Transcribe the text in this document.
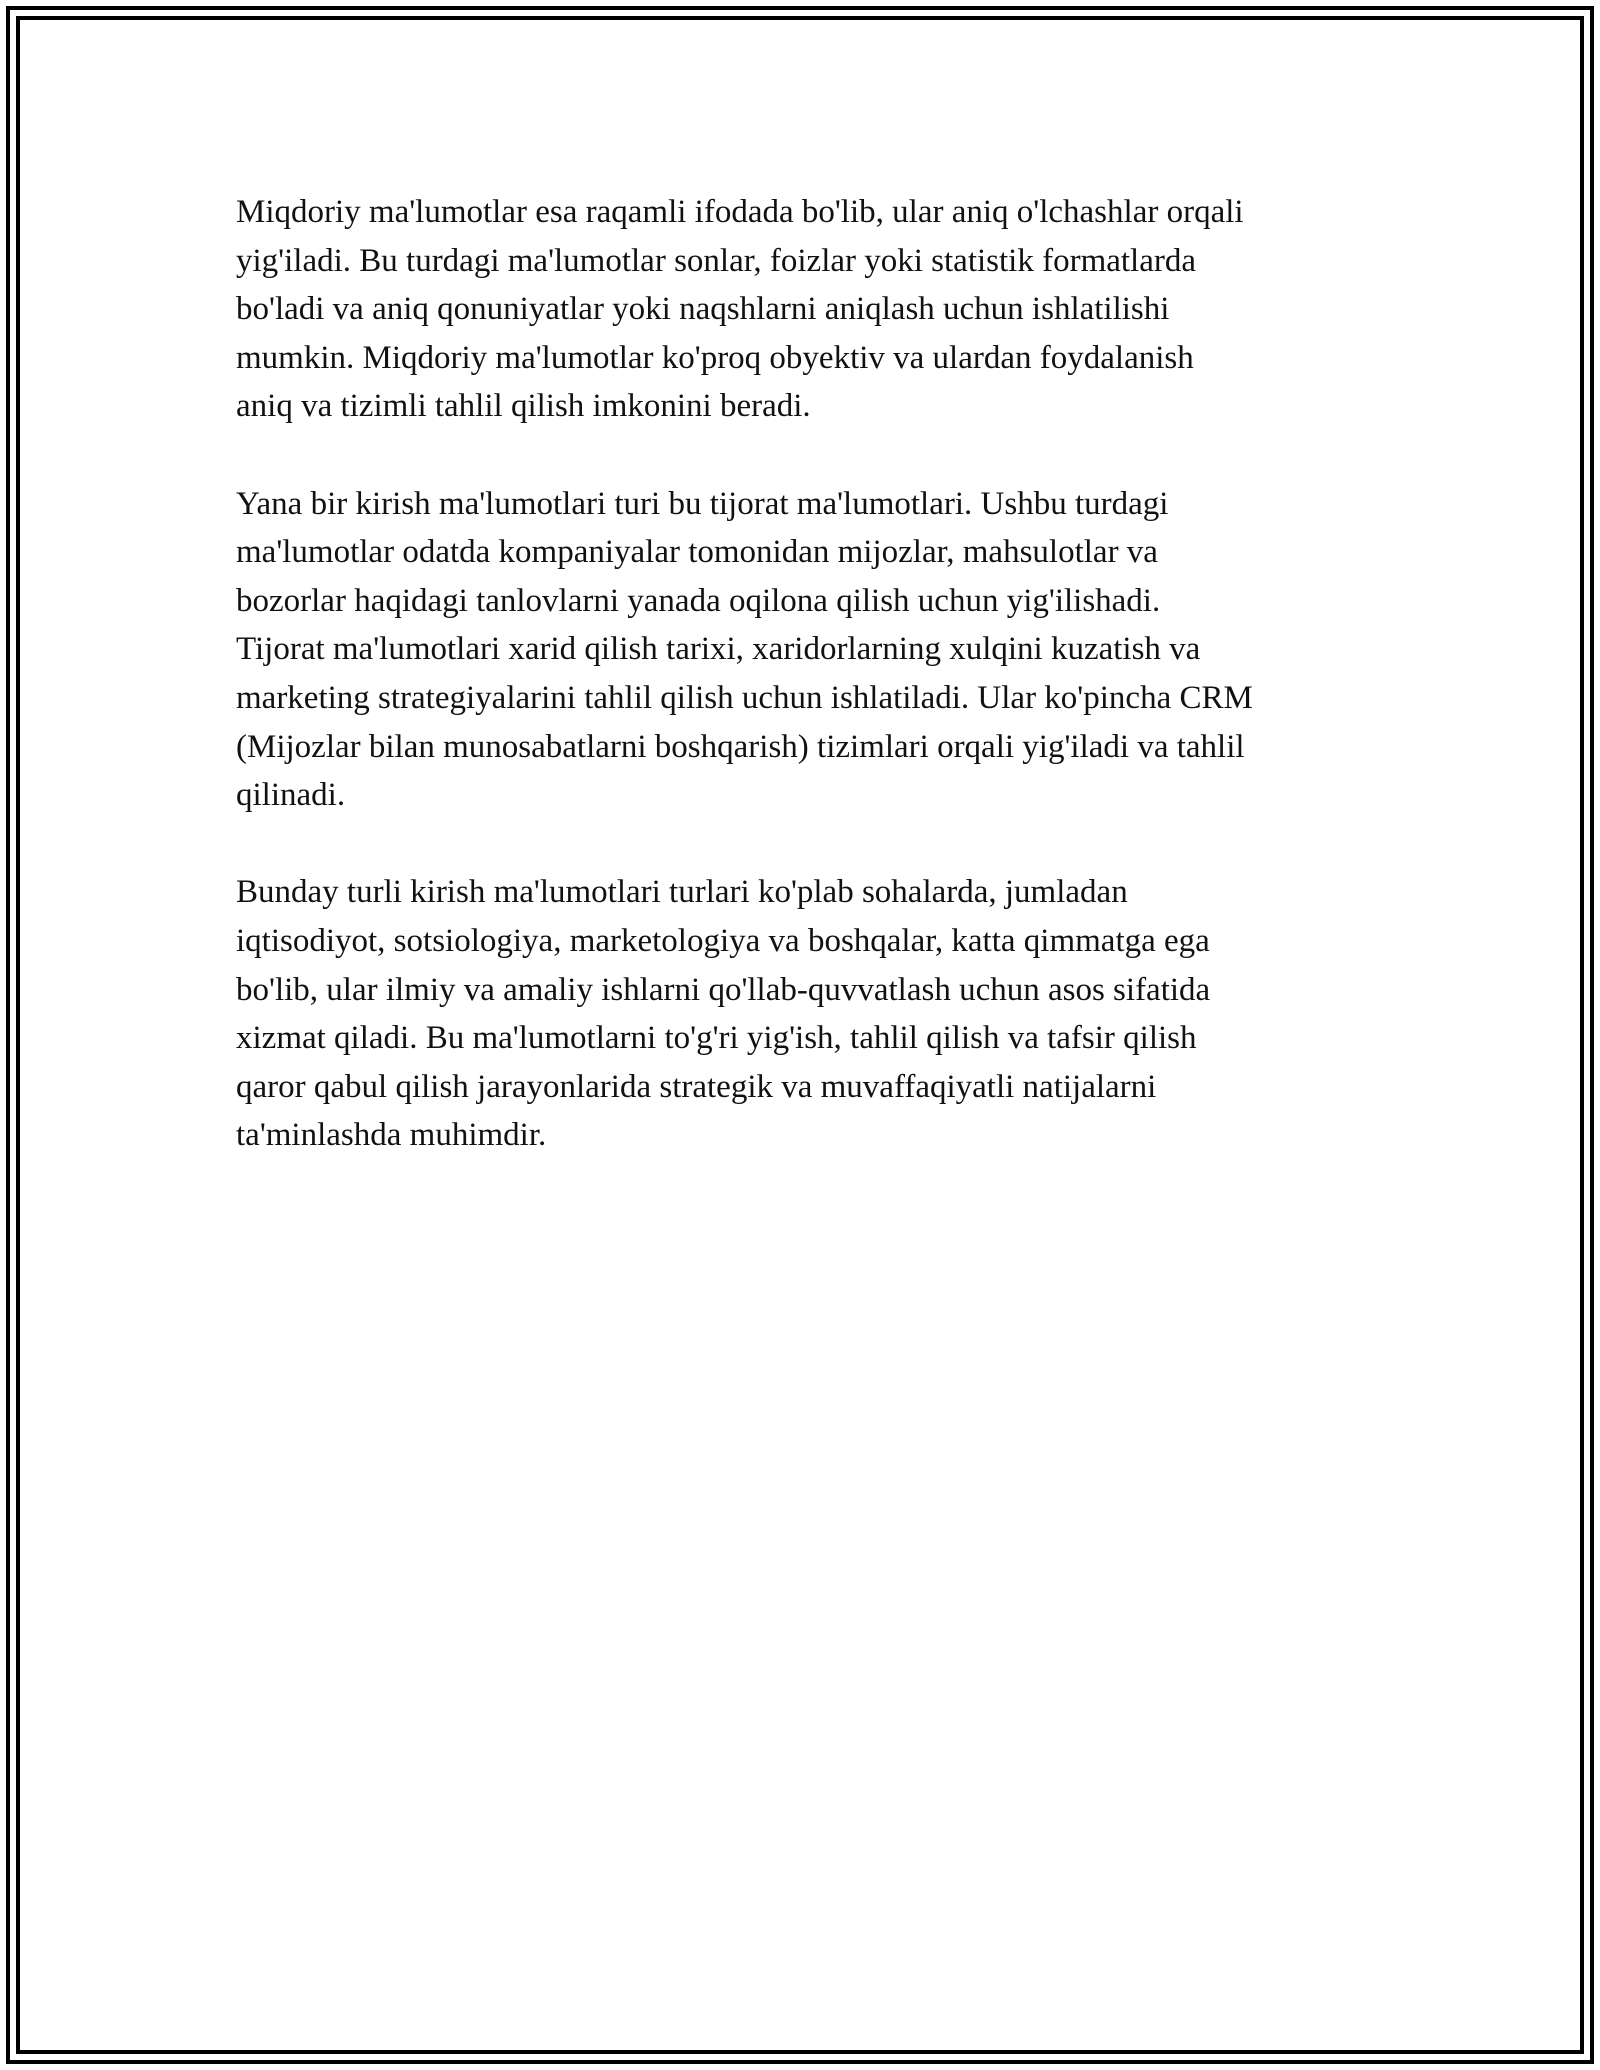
Miqdoriy ma'lumotlar esa raqamli ifodada bo'lib, ular aniq o'lchashlar orqali
yig'iladi. Bu turdagi ma'lumotlar sonlar, foizlar yoki statistik formatlarda
bo'ladi va aniq qonuniyatlar yoki naqshlarni aniqlash uchun ishlatilishi
mumkin. Miqdoriy ma'lumotlar ko'proq obyektiv va ulardan foydalanish
aniq va tizimli tahlil qilish imkonini beradi.

Yana bir kirish ma'lumotlari turi bu tijorat ma'lumotlari. Ushbu turdagi
ma'lumotlar odatda kompaniyalar tomonidan mijozlar, mahsulotlar va
bozorlar haqidagi tanlovlarni yanada oqilona qilish uchun yig'ilishadi.
Tijorat ma'lumotlari xarid qilish tarixi, xaridorlarning xulqini kuzatish va
marketing strategiyalarini tahlil qilish uchun ishlatiladi. Ular ko'pincha CRM
(Mijozlar bilan munosabatlarni boshqarish) tizimlari orqali yig'iladi va tahlil
qilinadi.

Bunday turli kirish ma'lumotlari turlari ko'plab sohalarda, jumladan
iqtisodiyot, sotsiologiya, marketologiya va boshqalar, katta qimmatga ega
bo'lib, ular ilmiy va amaliy ishlarni qo'llab-quvvatlash uchun asos sifatida
xizmat qiladi. Bu ma'lumotlarni to'g'ri yig'ish, tahlil qilish va tafsir qilish
qaror qabul qilish jarayonlarida strategik va muvaffaqiyatli natijalarni
ta'minlashda muhimdir.
